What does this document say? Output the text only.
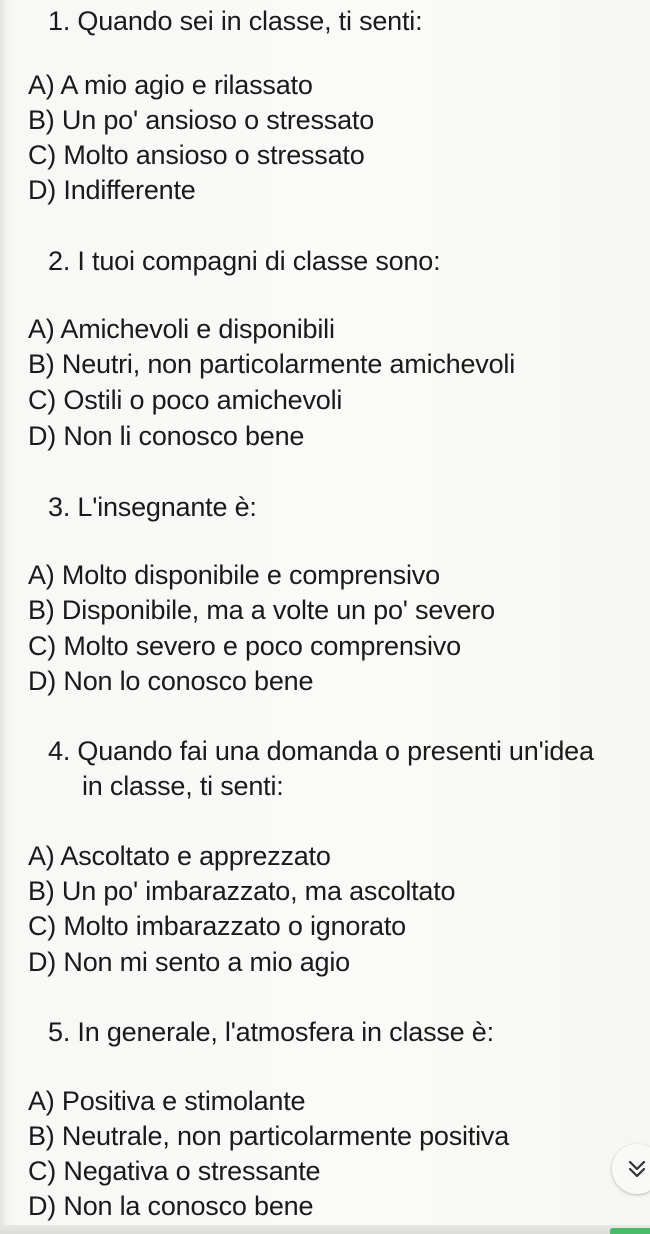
1. Quando sei in classe, ti senti:
A) A mio agio e rilassato
B) Un po' ansioso o stressato
C) Molto ansioso o stressato
D) Indifferente
2. I tuoi compagni di classe sono:
A) Amichevoli e disponibili
B) Neutri, non particolarmente amichevoli
C) Ostili o poco amichevoli
D) Non li conosco bene
3. L'insegnante è:
A) Molto disponibile e comprensivo
B) Disponibile, ma a volte un po' severo
C) Molto severo e poco comprensivo
D) Non lo conosco bene
4. Quando fai una domanda o presenti un'idea
in classe, ti senti:
A) Ascoltato e apprezzato
B) Un po' imbarazzato, ma ascoltato
C) Molto imbarazzato o ignorato
D) Non mi sento a mio agio
5. In generale, l'atmosfera in classe è:
A) Positiva e stimolante
B) Neutrale, non particolarmente positiva
C) Negativa o stressante
D) Non la conosco bene
